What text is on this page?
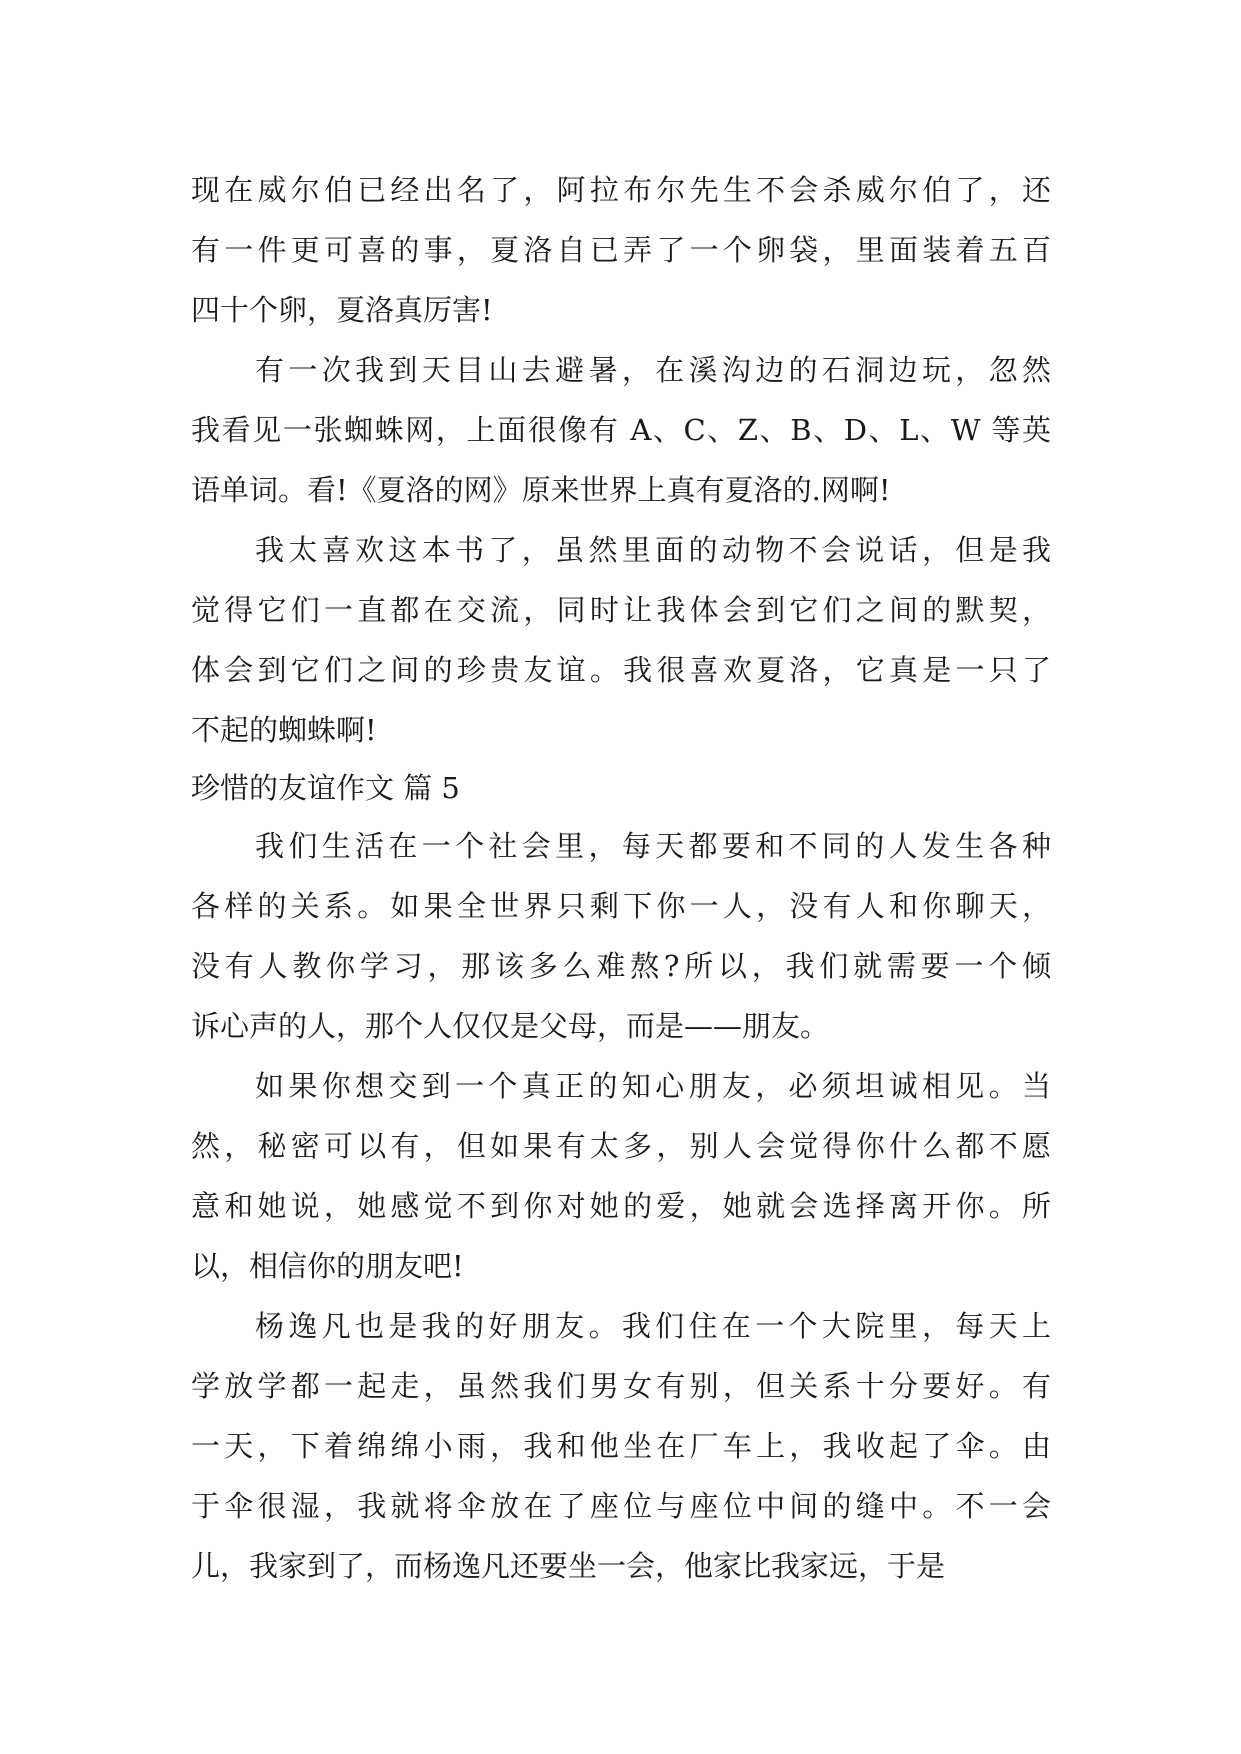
现在威尔伯已经出名了，阿拉布尔先生不会杀威尔伯了，还
有一件更可喜的事，夏洛自已弄了一个卵袋，里面装着五百
四十个卵，夏洛真厉害!
有一次我到天目山去避暑，在溪沟边的石洞边玩，忽然
我看见一张蜘蛛网，上面很像有 A、C、Z、B、D、L、W 等英
语单词。看!《夏洛的网》原来世界上真有夏洛的.网啊!
我太喜欢这本书了，虽然里面的动物不会说话，但是我
觉得它们一直都在交流，同时让我体会到它们之间的默契，
体会到它们之间的珍贵友谊。我很喜欢夏洛，它真是一只了
不起的蜘蛛啊!
珍惜的友谊作文 篇 5
我们生活在一个社会里，每天都要和不同的人发生各种
各样的关系。如果全世界只剩下你一人，没有人和你聊天，
没有人教你学习，那该多么难熬?所以，我们就需要一个倾
诉心声的人，那个人仅仅是父母，而是——朋友。
如果你想交到一个真正的知心朋友，必须坦诚相见。当
然，秘密可以有，但如果有太多，别人会觉得你什么都不愿
意和她说，她感觉不到你对她的爱，她就会选择离开你。所
以，相信你的朋友吧!
杨逸凡也是我的好朋友。我们住在一个大院里，每天上
学放学都一起走，虽然我们男女有别，但关系十分要好。有
一天，下着绵绵小雨，我和他坐在厂车上，我收起了伞。由
于伞很湿，我就将伞放在了座位与座位中间的缝中。不一会
儿，我家到了，而杨逸凡还要坐一会，他家比我家远，于是
